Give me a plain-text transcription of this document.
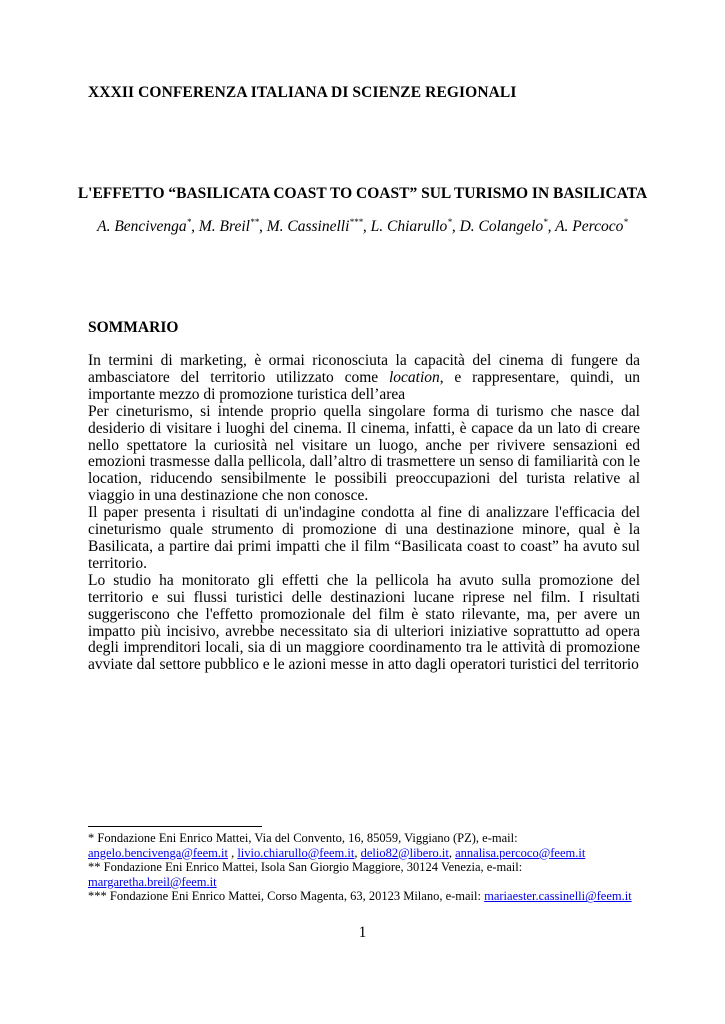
XXXII CONFERENZA ITALIANA DI SCIENZE REGIONALI
L'EFFETTO “BASILICATA COAST TO COAST” SUL TURISMO IN BASILICATA
A. Bencivenga*, M. Breil**, M. Cassinelli***, L. Chiarullo*, D. Colangelo*, A. Percoco*
SOMMARIO

In termini di marketing, è ormai riconosciuta la capacità del cinema di fungere da ambasciatore del territorio utilizzato come location, e rappresentare, quindi, un importante mezzo di promozione turistica dell’area

Per cineturismo, si intende proprio quella singolare forma di turismo che nasce dal desiderio di visitare i luoghi del cinema. Il cinema, infatti, è capace da un lato di creare nello spettatore la curiosità nel visitare un luogo, anche per rivivere sensazioni ed emozioni trasmesse dalla pellicola, dall’altro di trasmettere un senso di familiarità con le location, riducendo sensibilmente le possibili preoccupazioni del turista relative al viaggio in una destinazione che non conosce.

Il paper presenta i risultati di un'indagine condotta al fine di analizzare l'efficacia del cineturismo quale strumento di promozione di una destinazione minore, qual è la Basilicata, a partire dai primi impatti che il film “Basilicata coast to coast” ha avuto sul territorio.

Lo studio ha monitorato gli effetti che la pellicola ha avuto sulla promozione del territorio e sui flussi turistici delle destinazioni lucane riprese nel film. I risultati suggeriscono che l'effetto promozionale del film è stato rilevante, ma, per avere un impatto più incisivo, avrebbe necessitato sia di ulteriori iniziative soprattutto ad opera degli imprenditori locali, sia di un maggiore coordinamento tra le attività di promozione avviate dal settore pubblico e le azioni messe in atto dagli operatori turistici del territorio

* Fondazione Eni Enrico Mattei, Via del Convento, 16, 85059, Viggiano (PZ), e-mail:
angelo.bencivenga@feem.it , livio.chiarullo@feem.it, delio82@libero.it, annalisa.percoco@feem.it
** Fondazione Eni Enrico Mattei, Isola San Giorgio Maggiore, 30124 Venezia, e-mail:
margaretha.breil@feem.it
*** Fondazione Eni Enrico Mattei, Corso Magenta, 63, 20123 Milano, e-mail: mariaester.cassinelli@feem.it
1
